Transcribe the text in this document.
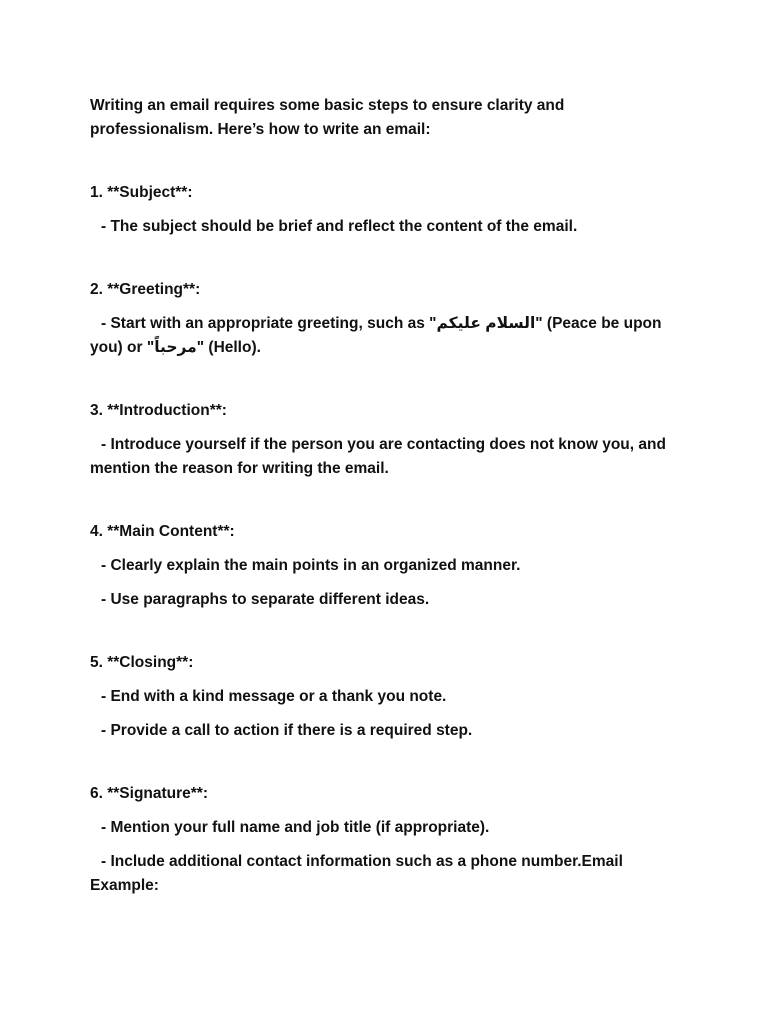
Writing an email requires some basic steps to ensure clarity and professionalism. Here’s how to write an email:

1. **Subject**:

- The subject should be brief and reflect the content of the email.

2. **Greeting**:

- Start with an appropriate greeting, such as "السلام عليكم" (Peace be upon you) or "مرحباً" (Hello).

3. **Introduction**:

- Introduce yourself if the person you are contacting does not know you, and mention the reason for writing the email.

4. **Main Content**:

- Clearly explain the main points in an organized manner.

- Use paragraphs to separate different ideas.

5. **Closing**:

- End with a kind message or a thank you note.

- Provide a call to action if there is a required step.

6. **Signature**:

- Mention your full name and job title (if appropriate).

- Include additional contact information such as a phone number.Email Example:
